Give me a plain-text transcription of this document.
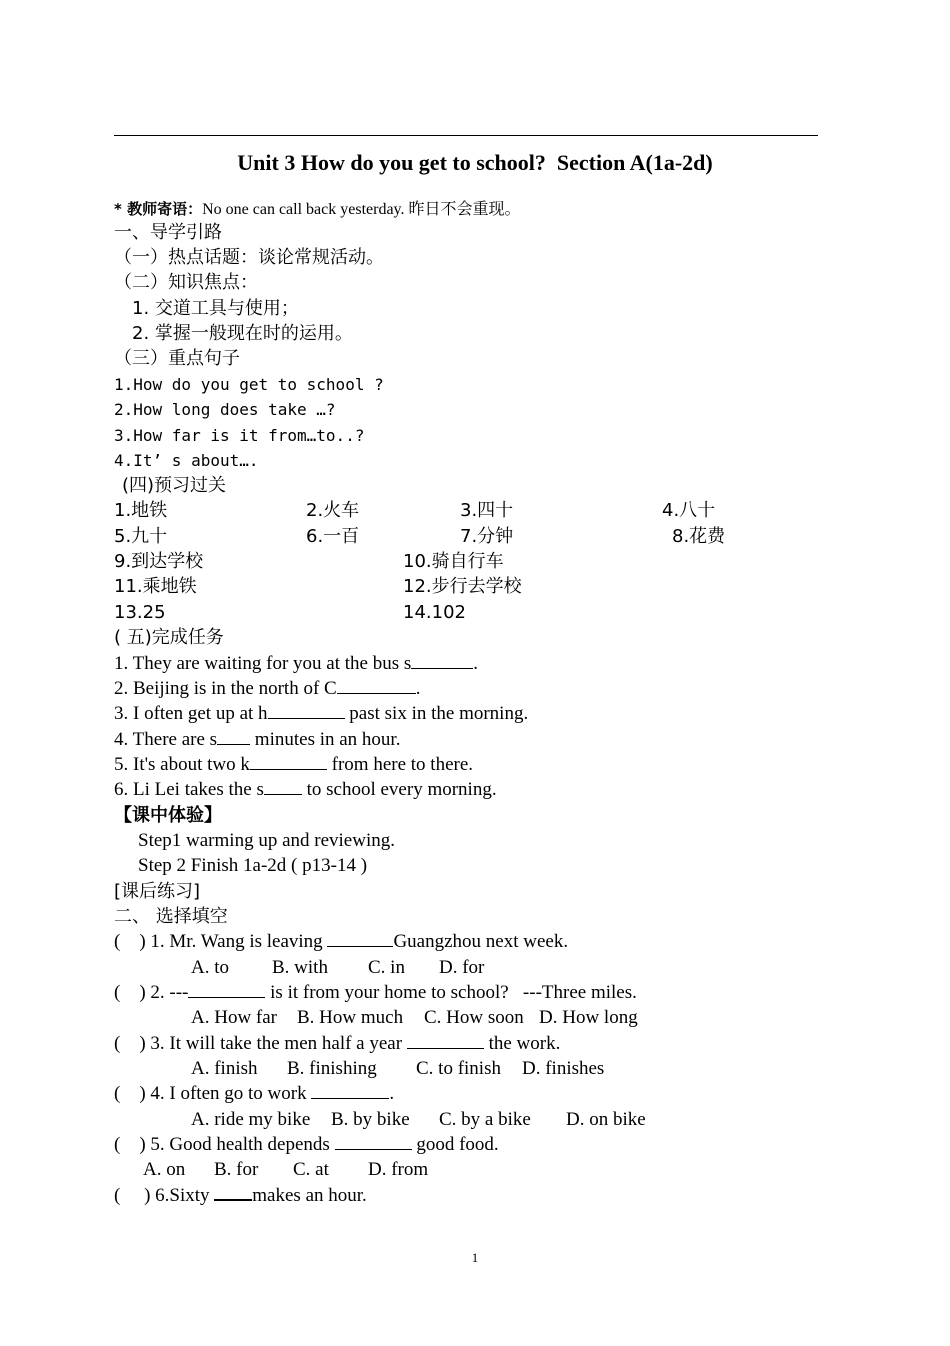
Unit 3 How do you get to school?  Section A(1a-2d)
* 教师寄语：No one can call back yesterday. 昨日不会重现。
一、导学引路
（一）热点话题：谈论常规活动。
（二）知识焦点：
1. 交道工具与使用；
2. 掌握一般现在时的运用。
（三）重点句子
1.How do you get to school ?
2.How long does take …?
3.How far is it from…to..?
4.It’ s about….
(四)预习过关
1.地铁	2.火车	3.四十	4.八十
5.九十	6.一百	7.分钟	8.花费
9.到达学校	10.骑自行车
11.乘地铁	12.步行去学校
13.25	14.102
( 五)完成任务
1. They are waiting for you at the bus s	.
2. Beijing is in the north of C	.
3. I often get up at h	past six in the morning.
4. There are s minutes in an hour.
5. It's about two k	from here to there.
6. Li Lei takes the s to school every morning.
【课中体验】
Step1 warming up and reviewing.
Step 2 Finish 1a-2d ( p13-14 )
[课后练习]
二、 选择填空
(    ) 1. Mr. Wang is leaving	Guangzhou next week.
A. to B. with C. in D. for
(    ) 2. ---	is it from your home to school?   ---Three miles.
A. How far B. How much C. How soon D. How long
(    ) 3. It will take the men half a year	the work.
A. finish B. finishing C. to finish D. finishes
(    ) 4. I often go to work	.
A. ride my bike B. by bike C. by a bike D. on bike
(    ) 5. Good health depends	good food.
A. on B. for C. at D. from
(     ) 6.Sixty makes an hour.
1
